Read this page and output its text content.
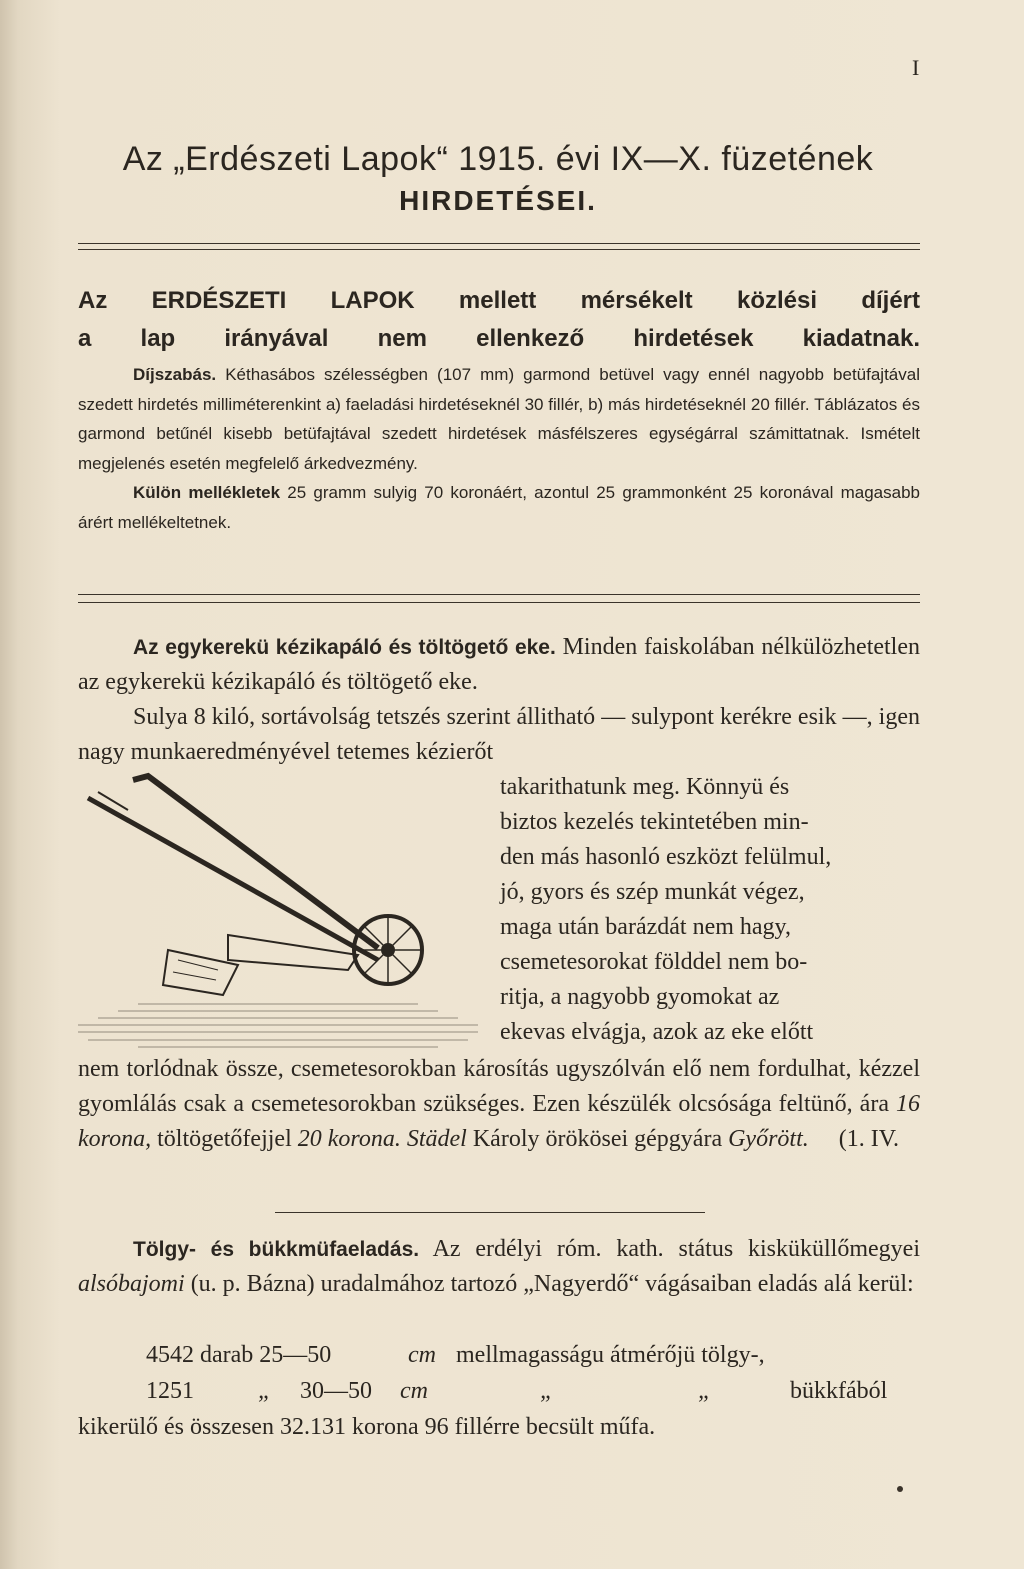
I
Az „Erdészeti Lapok“ 1915. évi IX—X. füzetének
HIRDETÉSEI.
Az ERDÉSZETI LAPOK mellett mérsékelt közlési díjért
a lap irányával nem ellenkező hirdetések kiadatnak.

Díjszabás. Kéthasábos szélességben (107 mm) garmond betüvel vagy ennél nagyobb betüfajtával szedett hirdetés milliméterenkint a) faeladási hirdetéseknél 30 fillér, b) más hirdetéseknél 20 fillér. Táblázatos és garmond betűnél kisebb betüfajtával szedett hirdetések másfélszeres egységárral számittatnak. Ismételt megjelenés esetén megfelelő árkedvezmény.

Külön mellékletek 25 gramm sulyig 70 koronáért, azontul 25 grammonként 25 koronával magasabb árért mellékeltetnek.

Az egykerekü kézikapáló és töltögető eke. Minden faiskolában nélkülözhetetlen az egykerekü kézikapáló és töltögető eke.

Sulya 8 kiló, sortávolság tetszés szerint állitható — sulypont kerékre esik —, igen nagy munkaeredményével tetemes kézierőt

takarithatunk meg. Könnyü és
biztos kezelés tekintetében min-
den más hasonló eszközt felülmul,
jó, gyors és szép munkát végez,
maga után barázdát nem hagy,
csemetesorokat földdel nem bo-
ritja, a nagyobb gyomokat az
ekevas elvágja, azok az eke előtt

nem torlódnak össze, csemetesorokban károsítás ugyszólván elő nem fordulhat, kézzel gyomlálás csak a csemetesorokban szükséges. Ezen készülék olcsósága feltünő, ára 16 korona, töltögetőfejjel 20 korona. Städel Károly örökösei gépgyára Győrött. (1. IV.

Tölgy- és bükkmüfaeladás. Az erdélyi róm. kath. státus kisküküllőmegyei alsóbajomi (u. p. Bázna) uradalmához tartozó „Nagyerdő“ vágásaiban eladás alá kerül:

4542 darab 25—50	cm mellmagasságu átmérőjü tölgy-,
1251	„ 30—50 cm	„	„	bükkfából

kikerülő és összesen 32.131 korona 96 fillérre becsült műfa.
